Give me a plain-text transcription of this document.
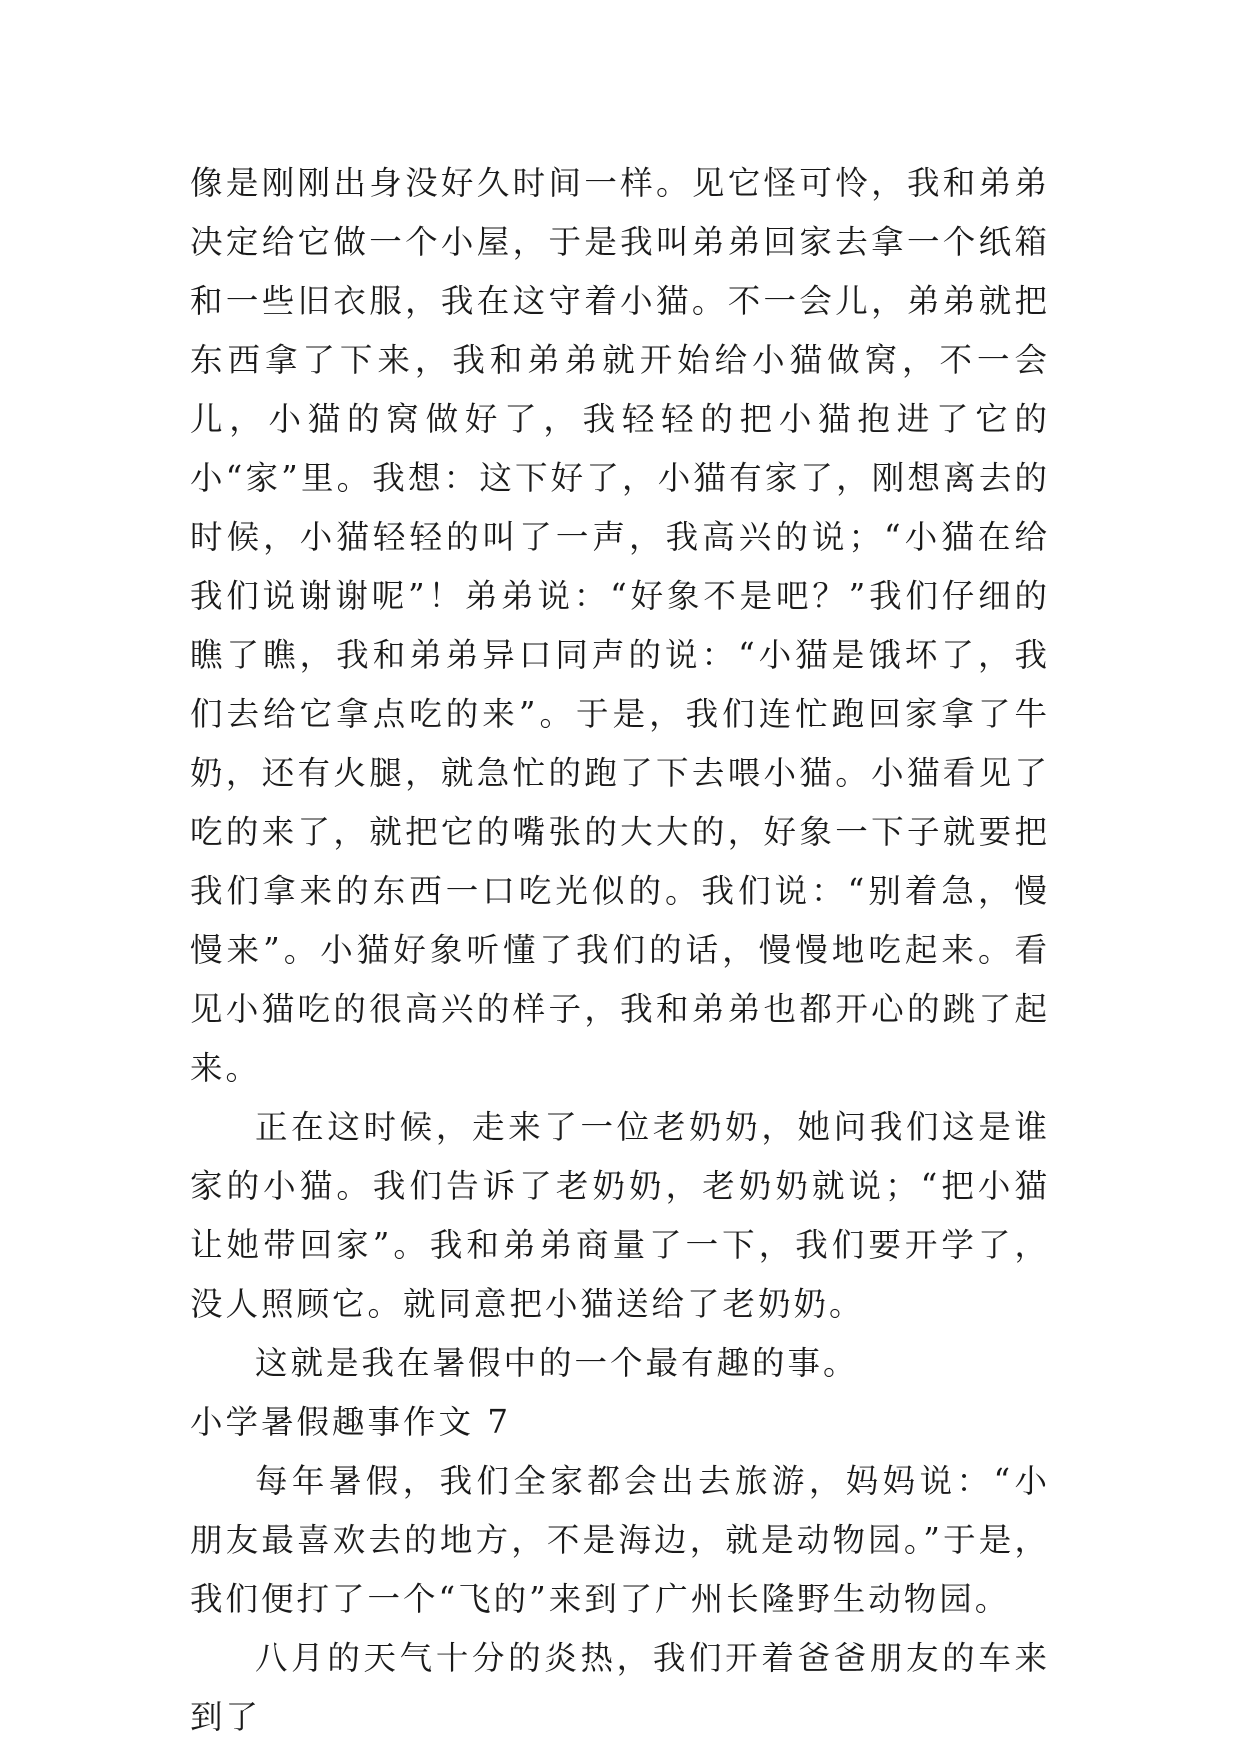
像是刚刚出身没好久时间一样。见它怪可怜，我和弟弟决定给它做一个小屋，于是我叫弟弟回家去拿一个纸箱和一些旧衣服，我在这守着小猫。不一会儿，弟弟就把东西拿了下来，我和弟弟就开始给小猫做窝，不一会儿，小猫的窝做好了，我轻轻的把小猫抱进了它的小“家”里。我想：这下好了，小猫有家了，刚想离去的时候，小猫轻轻的叫了一声，我高兴的说；“小猫在给我们说谢谢呢”！弟弟说：“好象不是吧？”我们仔细的瞧了瞧，我和弟弟异口同声的说：“小猫是饿坏了，我们去给它拿点吃的来”。于是，我们连忙跑回家拿了牛奶，还有火腿，就急忙的跑了下去喂小猫。小猫看见了吃的来了，就把它的嘴张的大大的，好象一下子就要把我们拿来的东西一口吃光似的。我们说：“别着急，慢慢来”。小猫好象听懂了我们的话，慢慢地吃起来。看见小猫吃的很高兴的样子，我和弟弟也都开心的跳了起来。

正在这时候，走来了一位老奶奶，她问我们这是谁家的小猫。我们告诉了老奶奶，老奶奶就说；“把小猫让她带回家”。我和弟弟商量了一下，我们要开学了，没人照顾它。就同意把小猫送给了老奶奶。

这就是我在暑假中的一个最有趣的事。

小学暑假趣事作文 7

每年暑假，我们全家都会出去旅游，妈妈说：“小朋友最喜欢去的地方，不是海边，就是动物园。”于是，我们便打了一个“飞的”来到了广州长隆野生动物园。

八月的天气十分的炎热，我们开着爸爸朋友的车来到了
